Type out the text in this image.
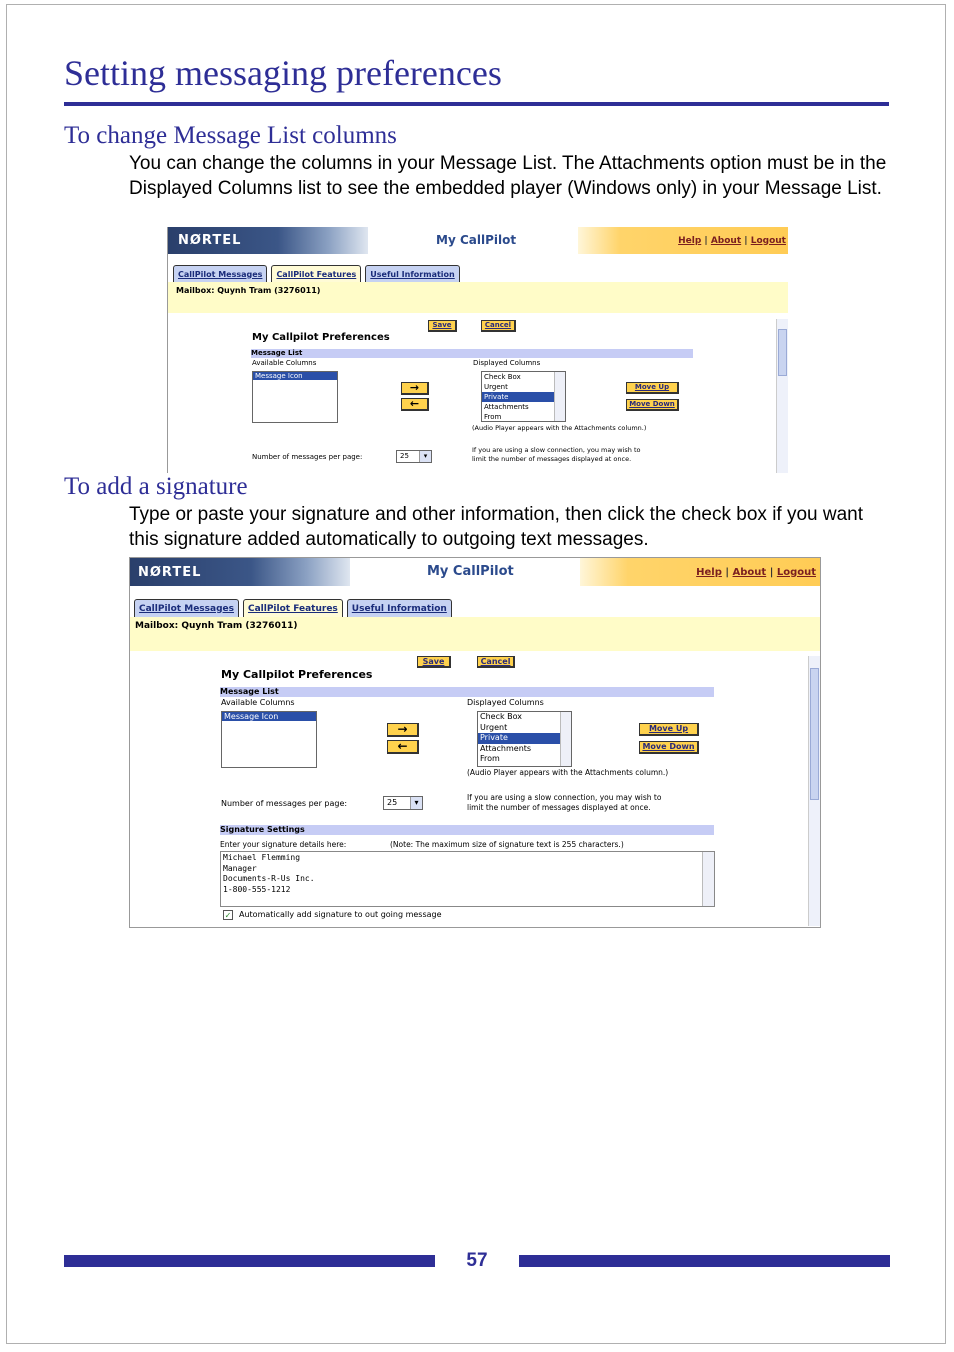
Setting messaging preferences
To change Message List columns

You can change the columns in your Message List. The Attachments option must be in the Displayed Columns list to see the embedded player (Windows only) in your Message List.

NØRTEL	My CallPilot	Help
|
About
|
Logout
CallPilot Messages	CallPilot Features	Useful Information
Mailbox: Quynh Tram (3276011)
Save	Cancel
My Callpilot Preferences
Message List
Available Columns
Message Icon
→
←
Displayed Columns
Check Box
Urgent
Private
Attachments
From
Move Up
Move Down
(Audio Player appears with the Attachments column.)
Number of messages per page:	25	▾
If you are using a slow connection, you may wish to
limit the number of messages displayed at once.
To add a signature

Type or paste your signature and other information, then click the check box if you want this signature added automatically to outgoing text messages.

NØRTEL	My CallPilot	Help
|
About
|
Logout
CallPilot Messages	CallPilot Features	Useful Information
Mailbox: Quynh Tram (3276011)
Save	Cancel
My Callpilot Preferences
Message List
Available Columns
Message Icon
→
←
Displayed Columns
Check Box
Urgent
Private
Attachments
From
Move Up
Move Down
(Audio Player appears with the Attachments column.)
Number of messages per page:	25	▾
If you are using a slow connection, you may wish to
limit the number of messages displayed at once.
Signature Settings
Enter your signature details here:	(Note: The maximum size of signature text is 255 characters.)
Michael Flemming
Manager
Documents-R-Us Inc.
1-800-555-1212
✓ Automatically add signature to out going message
57
